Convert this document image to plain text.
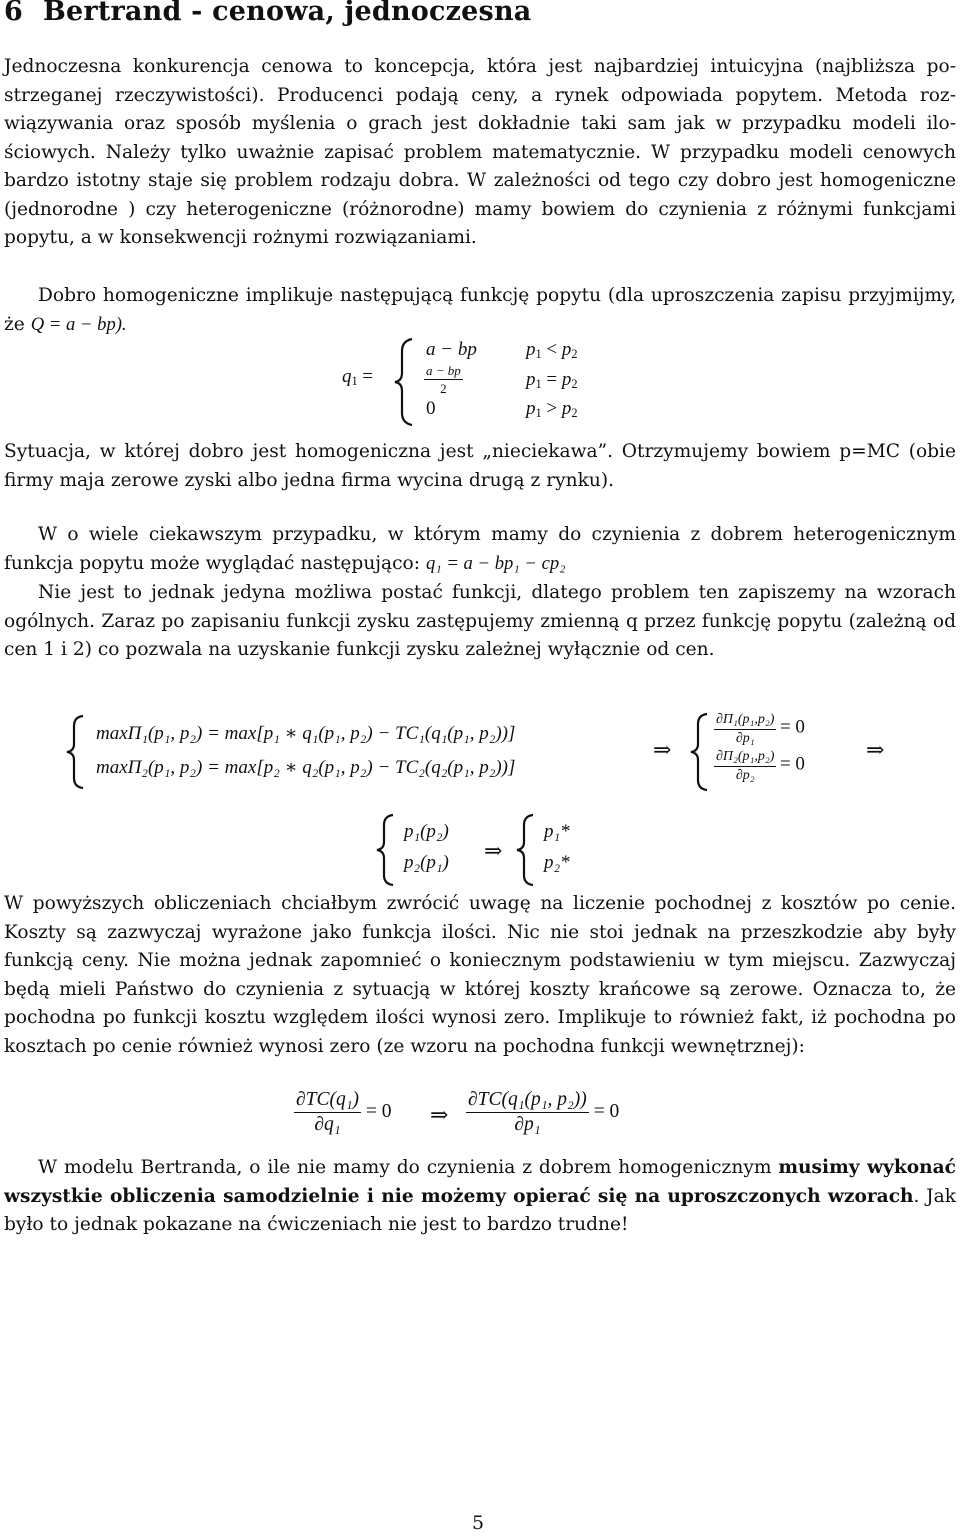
6 Bertrand - cenowa, jednoczesna

Jednoczesna konkurencja cenowa to koncepcja, która jest najbardziej intuicyjna (najbliższa postrzeganej rzeczywistości). Producenci podają ceny, a rynek odpowiada popytem. Metoda rozwiązywania oraz sposób myślenia o grach jest dokładnie taki sam jak w przypadku modeli ilościowych. Należy tylko uważnie zapisać problem matematycznie. W przypadku modeli cenowych bardzo istotny staje się problem rodzaju dobra. W zależności od tego czy dobro jest homogeniczne (jednorodne ) czy heterogeniczne (różnorodne) mamy bowiem do czynienia z różnymi funkcjami popytu, a w konsekwencji rożnymi rozwiązaniami.

Dobro homogeniczne implikuje następującą funkcję popytu (dla uproszczenia zapisu przyjmijmy, że Q = a − bp).

$q_1$ =
a − bp	$p_1 < p_2$
$\frac{a - bp}{2}$	$p_1 = p_2$
0	$p_1 > p_2$

Sytuacja, w której dobro jest homogeniczna jest „nieciekawa”. Otrzymujemy bowiem p=MC (obie firmy maja zerowe zyski albo jedna firma wycina drugą z rynku).

W o wiele ciekawszym przypadku, w którym mamy do czynienia z dobrem heterogenicznym funkcja popytu może wyglądać następująco: q₁ = a − bp₁ − cp₂

Nie jest to jednak jedyna możliwa postać funkcji, dlatego problem ten zapiszemy na wzorach ogólnych. Zaraz po zapisaniu funkcji zysku zastępujemy zmienną q przez funkcję popytu (zależną od cen 1 i 2) co pozwala na uzyskanie funkcji zysku zależnej wyłącznie od cen.

maxΠ₁(p₁, p₂) = max[p₁ ∗ q₁(p₁, p₂) − TC₁(q₁(p₁, p₂))]
maxΠ₂(p₁, p₂) = max[p₂ ∗ q₂(p₁, p₂) − TC₂(q₂(p₁, p₂))]
⇒
$\frac{\text{∂Π₁(p₁,p₂)}}{\text{∂p₁}} = 0$
$\frac{\text{∂Π₂(p₁,p₂)}}{\text{∂p₂}} = 0$
⇒
p₁(p₂)
p₂(p₁) ⇒
p₁*
p₂*

W powyższych obliczeniach chciałbym zwrócić uwagę na liczenie pochodnej z kosztów po cenie. Koszty są zazwyczaj wyrażone jako funkcja ilości. Nic nie stoi jednak na przeszkodzie aby były funkcją ceny. Nie można jednak zapomnieć o koniecznym podstawieniu w tym miejscu. Zazwyczaj będą mieli Państwo do czynienia z sytuacją w której koszty krańcowe są zerowe. Oznacza to, że pochodna po funkcji kosztu względem ilości wynosi zero. Implikuje to również fakt, iż pochodna po kosztach po cenie również wynosi zero (ze wzoru na pochodna funkcji wewnętrznej):

$\frac{\text{∂TC(q₁)}}{\text{∂q₁}} = 0$ ⇒ $\frac{\text{∂TC(q₁(p₁, p₂))}}{\text{∂p₁}} = 0$

W modelu Bertranda, o ile nie mamy do czynienia z dobrem homogenicznym musimy wykonać wszystkie obliczenia samodzielnie i nie możemy opierać się na uproszczonych wzorach. Jak było to jednak pokazane na ćwiczeniach nie jest to bardzo trudne!

5
